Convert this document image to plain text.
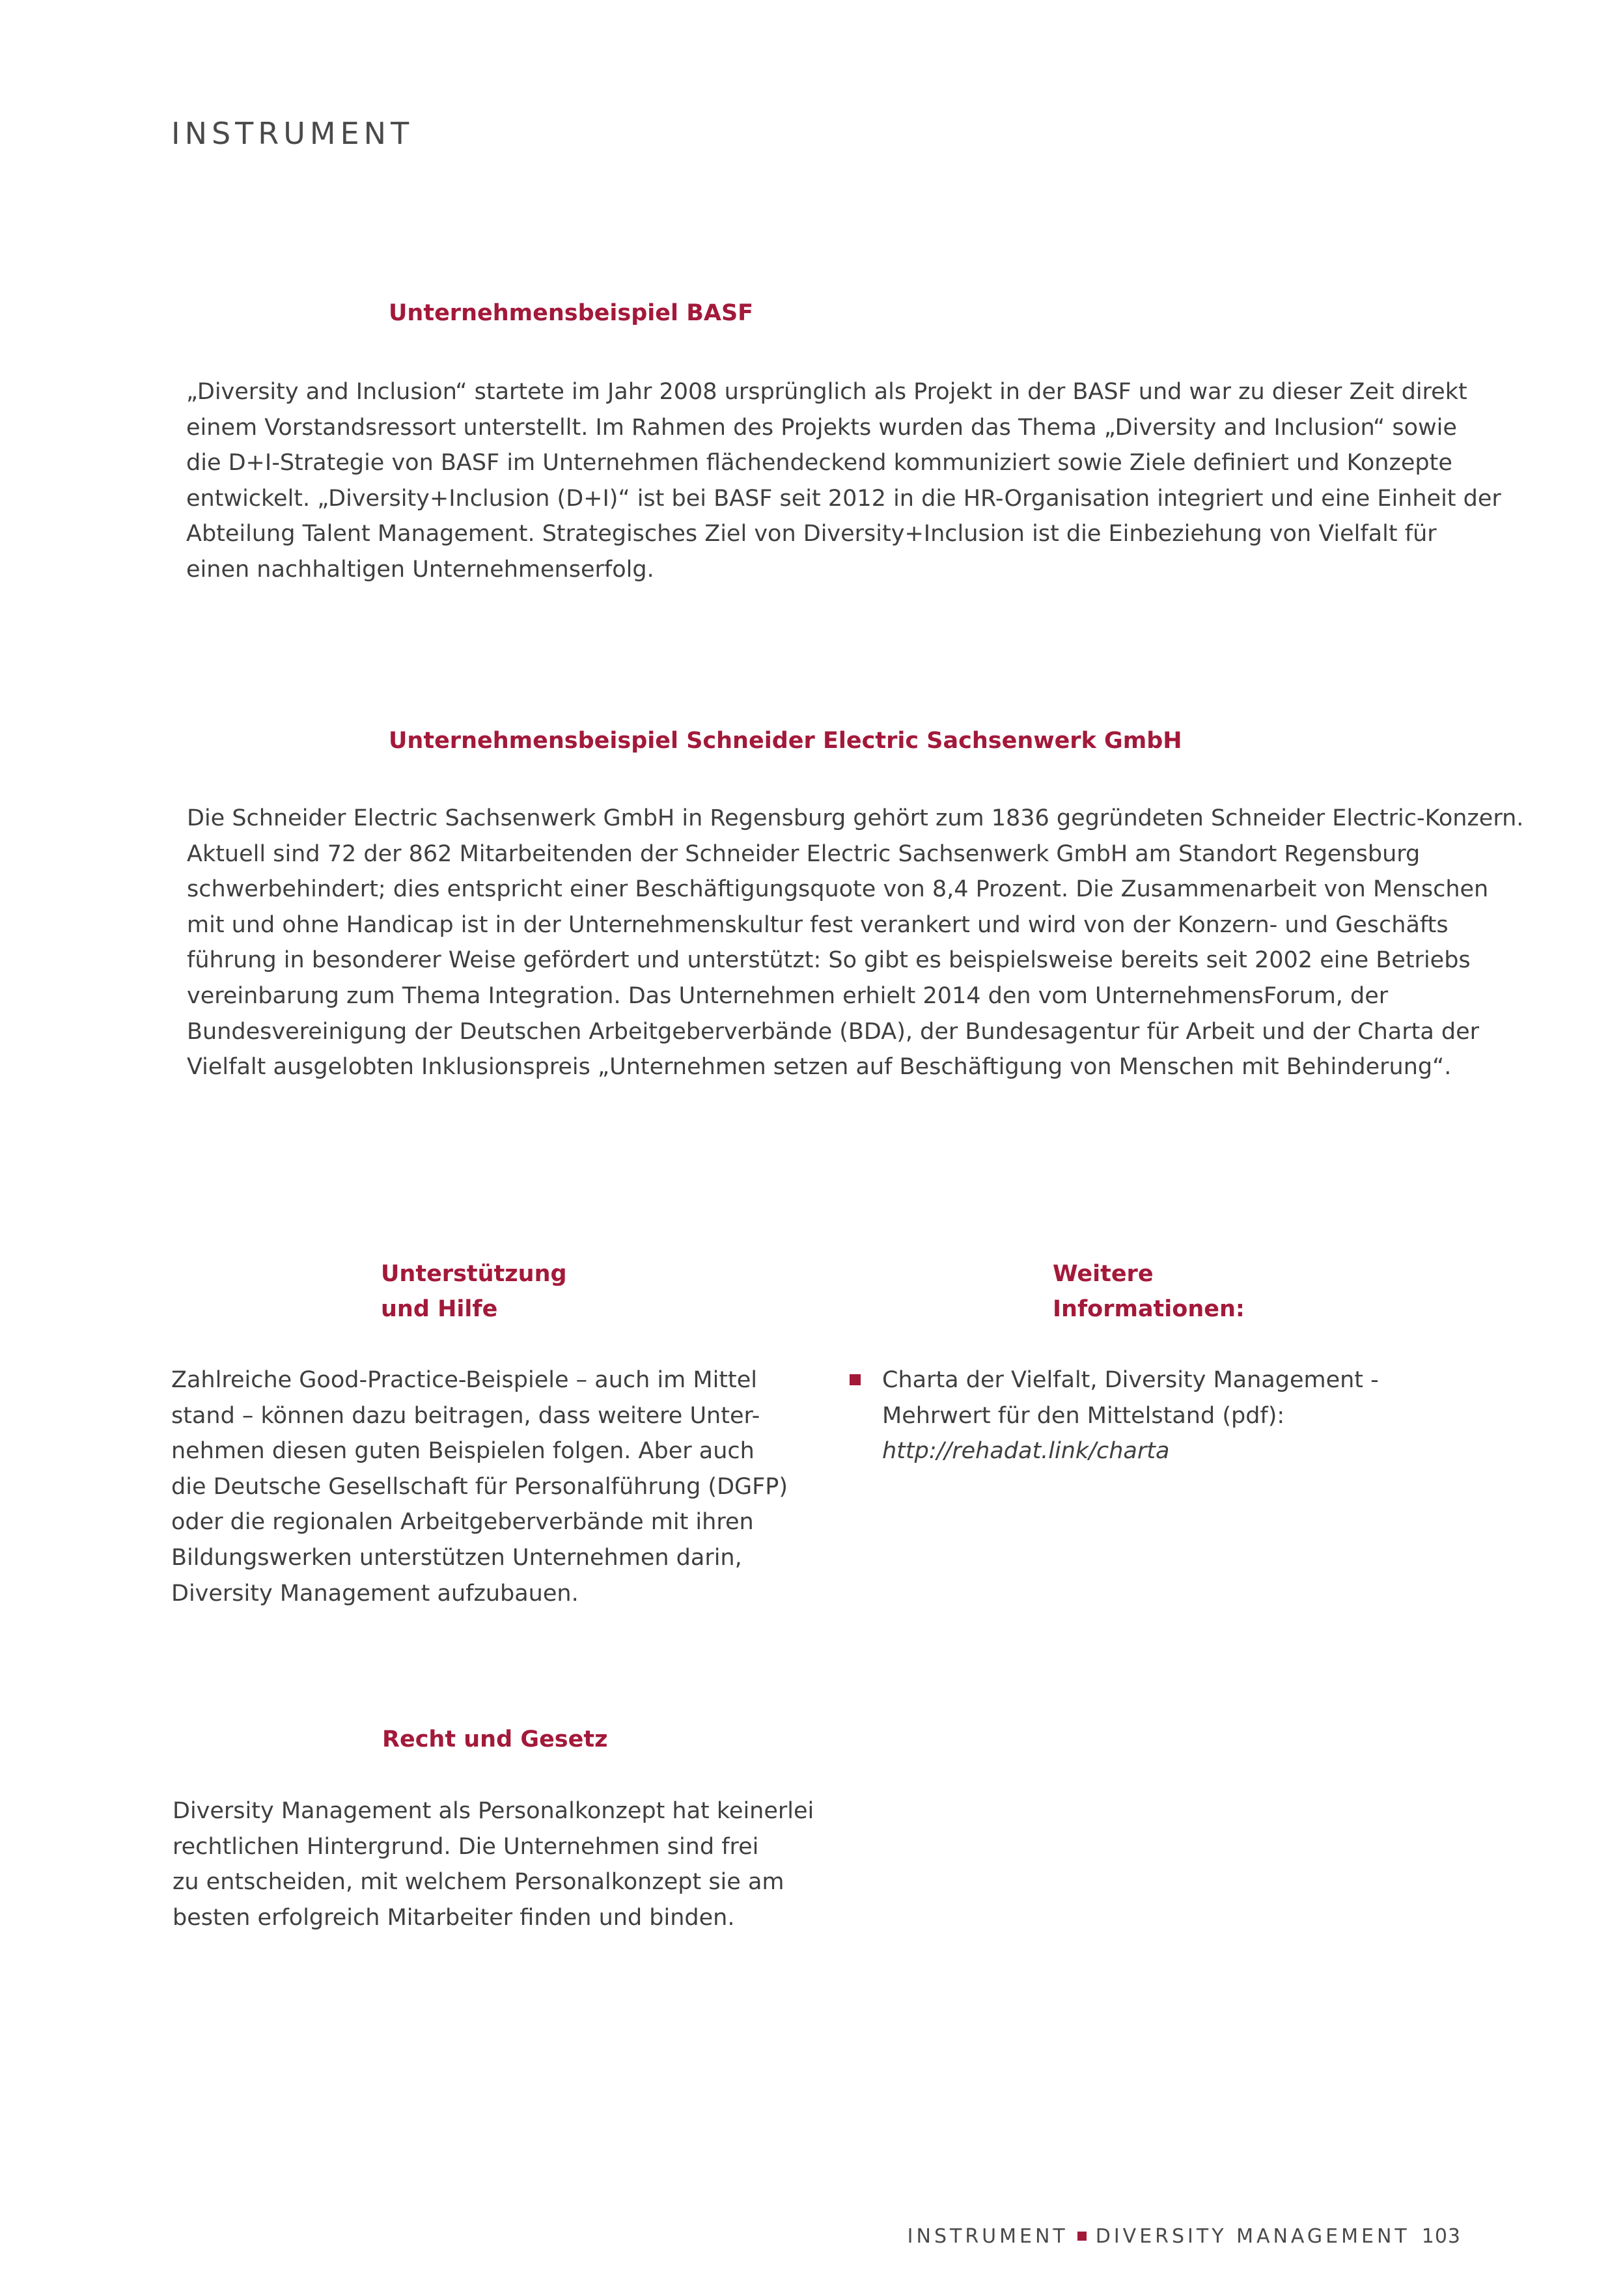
INSTRUMENT
Unternehmensbeispiel BASF
„Diversity and Inclusion“ startete im Jahr 2008 ursprünglich als Projekt in der BASF und war zu dieser Zeit direkt
einem Vorstandsressort unterstellt. Im Rahmen des Projekts wurden das Thema „Diversity and Inclusion“ sowie
die D+I-Strategie von BASF im Unternehmen flächendeckend kommuniziert sowie Ziele definiert und Konzepte
entwickelt. „Diversity+Inclusion (D+I)“ ist bei BASF seit 2012 in die HR-Organisation integriert und eine Einheit der
Abteilung Talent Management. Strategisches Ziel von Diversity+Inclusion ist die Einbeziehung von Vielfalt für
einen nachhaltigen Unternehmenserfolg.
Unternehmensbeispiel Schneider Electric Sachsenwerk GmbH
Die Schneider Electric Sachsenwerk GmbH in Regensburg gehört zum 1836 gegründeten Schneider Electric-Konzern.
Aktuell sind 72 der 862 Mitarbeitenden der Schneider Electric Sachsenwerk GmbH am Standort Regensburg
schwerbehindert; dies entspricht einer Beschäftigungsquote von 8,4 Prozent. Die Zusammenarbeit von Menschen
mit und ohne Handicap ist in der Unternehmenskultur fest verankert und wird von der Konzern- und Geschäfts
führung in besonderer Weise gefördert und unterstützt: So gibt es beispielsweise bereits seit 2002 eine Betriebs
vereinbarung zum Thema Integration. Das Unternehmen erhielt 2014 den vom UnternehmensForum, der
Bundesvereinigung der Deutschen Arbeitgeberverbände (BDA), der Bundesagentur für Arbeit und der Charta der
Vielfalt ausgelobten Inklusionspreis „Unternehmen setzen auf Beschäftigung von Menschen mit Behinderung“.
Unterstützung
und Hilfe
Zahlreiche Good-Practice-Beispiele – auch im Mittel
stand – können dazu beitragen, dass weitere Unter-
nehmen diesen guten Beispielen folgen. Aber auch
die Deutsche Gesellschaft für Personalführung (DGFP)
oder die regionalen Arbeitgeberverbände mit ihren
Bildungswerken unterstützen Unternehmen darin,
Diversity Management aufzubauen.
Weitere
Informationen:
Charta der Vielfalt, Diversity Management -
Mehrwert für den Mittelstand (pdf):
http://rehadat.link/charta
Recht und Gesetz
Diversity Management als Personalkonzept hat keinerlei
rechtlichen Hintergrund. Die Unternehmen sind frei
zu entscheiden, mit welchem Personalkonzept sie am
besten erfolgreich Mitarbeiter finden und binden.
INSTRUMENT DIVERSITY MANAGEMENT 103
